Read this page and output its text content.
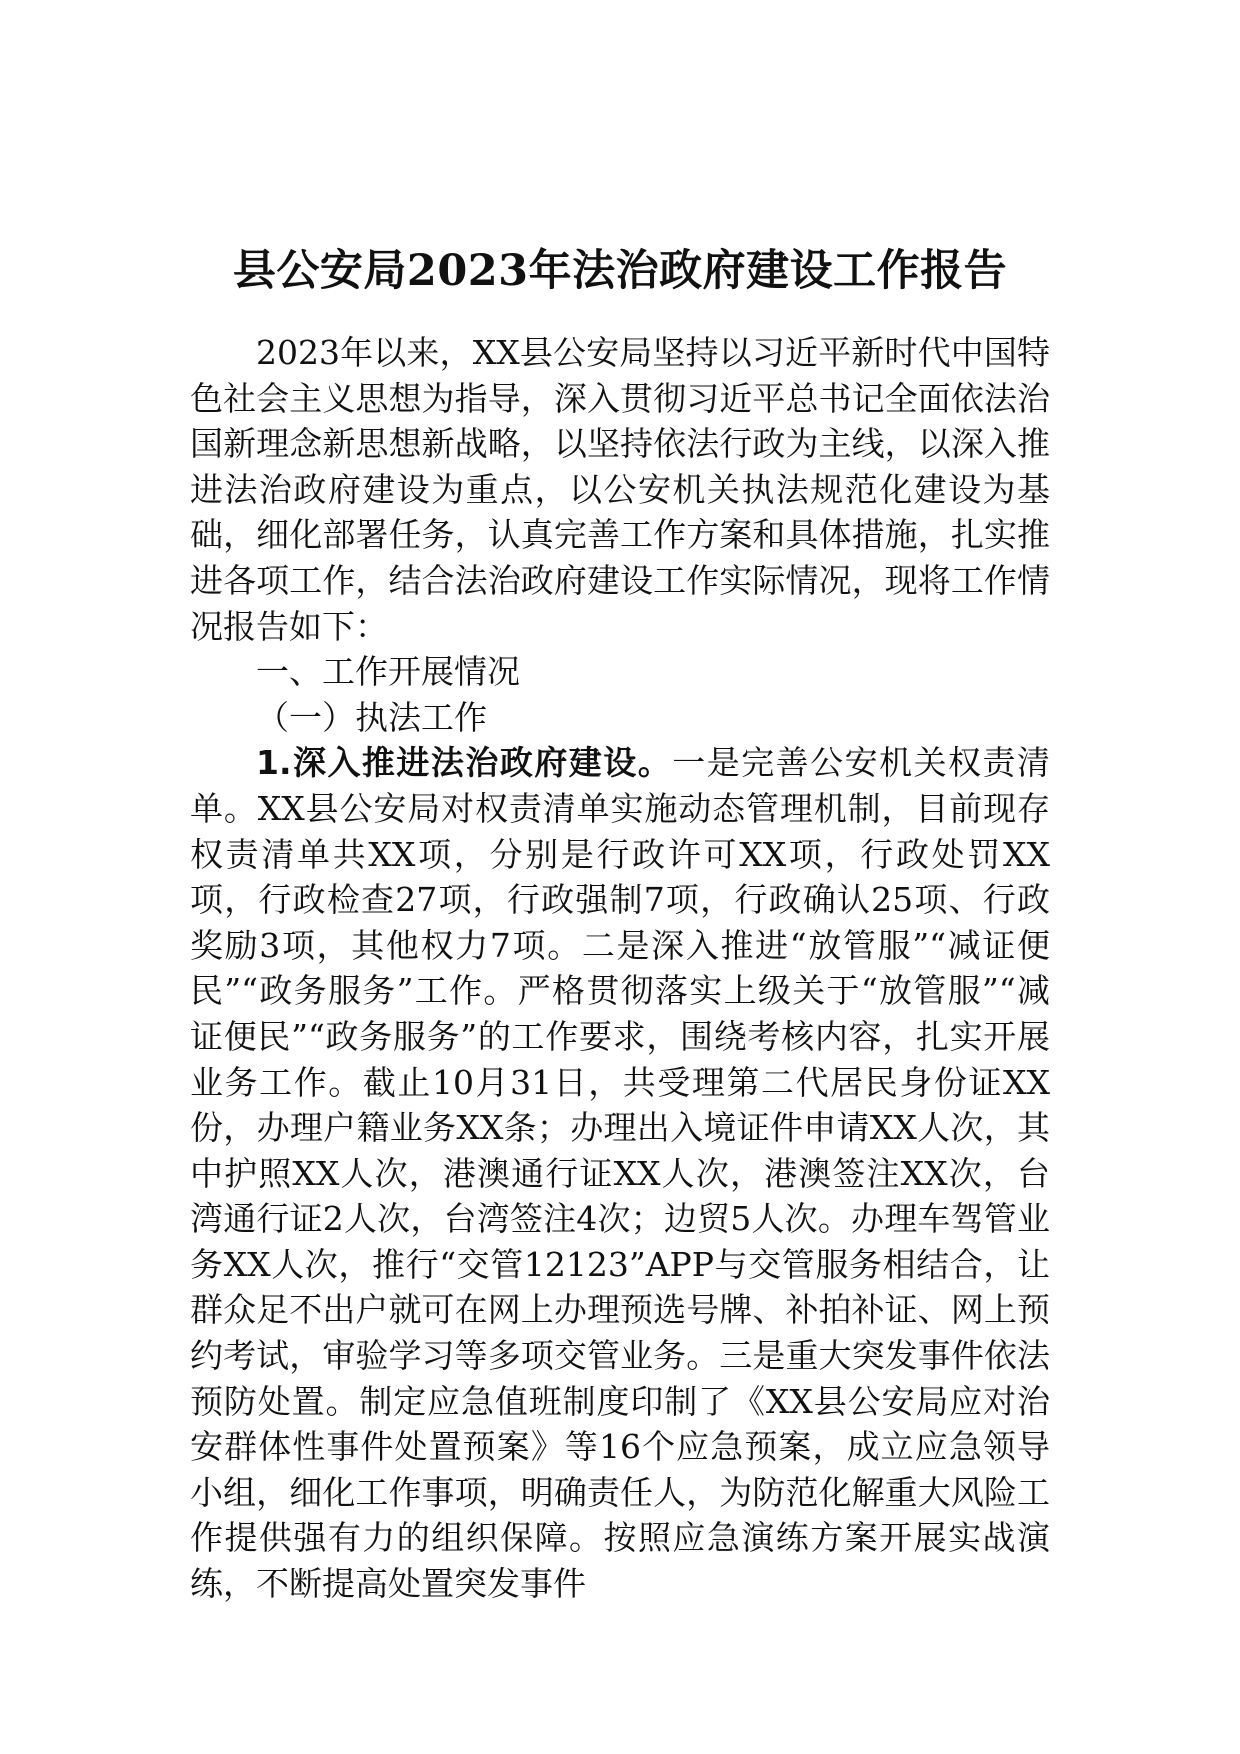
县公安局2023年法治政府建设工作报告

2023年以来，XX县公安局坚持以习近平新时代中国特色社会主义思想为指导，深入贯彻习近平总书记全面依法治国新理念新思想新战略，以坚持依法行政为主线，以深入推进法治政府建设为重点，以公安机关执法规范化建设为基础，细化部署任务，认真完善工作方案和具体措施，扎实推进各项工作，结合法治政府建设工作实际情况，现将工作情况报告如下：

一、工作开展情况

（一）执法工作

1.深入推进法治政府建设。一是完善公安机关权责清单。XX县公安局对权责清单实施动态管理机制，目前现存权责清单共XX项，分别是行政许可XX项，行政处罚XX项，行政检查27项，行政强制7项，行政确认25项、行政奖励3项，其他权力7项。二是深入推进“放管服”“减证便民”“政务服务”工作。严格贯彻落实上级关于“放管服”“减证便民”“政务服务”的工作要求，围绕考核内容，扎实开展业务工作。截止10月31日，共受理第二代居民身份证XX份，办理户籍业务XX条；办理出入境证件申请XX人次，其中护照XX人次，港澳通行证XX人次，港澳签注XX次，台湾通行证2人次，台湾签注4次；边贸5人次。办理车驾管业务XX人次，推行“交管12123”APP与交管服务相结合，让群众足不出户就可在网上办理预选号牌、补拍补证、网上预约考试，审验学习等多项交管业务。三是重大突发事件依法预防处置。制定应急值班制度印制了《XX县公安局应对治安群体性事件处置预案》等16个应急预案，成立应急领导小组，细化工作事项，明确责任人，为防范化解重大风险工作提供强有力的组织保障。按照应急演练方案开展实战演练，不断提高处置突发事件
